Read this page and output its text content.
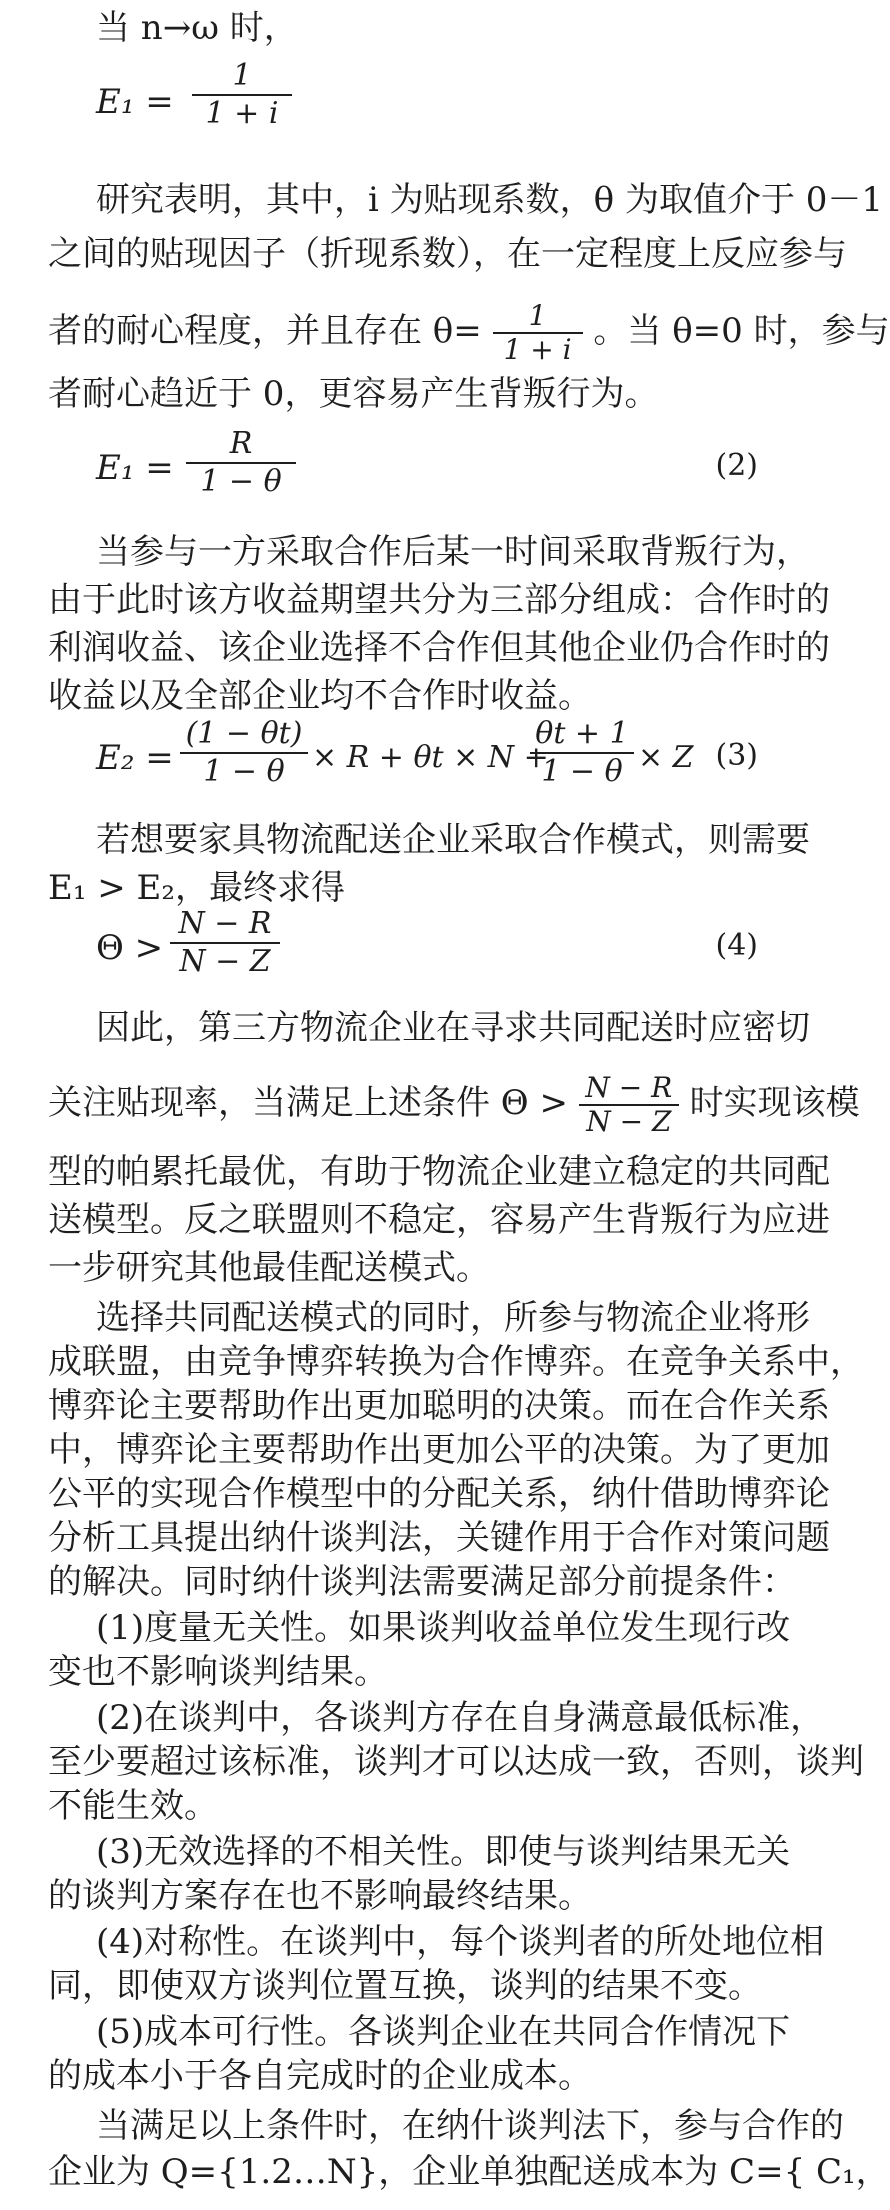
当 n→ω 时，
E₁ =
1
1 + i
研究表明，其中，i 为贴现系数，θ 为取值介于 0－1
之间的贴现因子（折现系数），在一定程度上反应参与
者的耐心程度，并且存在 $\theta= \frac{1}{1 + i}$ 。当 θ=0 时，参与
者耐心趋近于 0，更容易产生背叛行为。
E₁ =
R
1 − θ	(2)
当参与一方采取合作后某一时间采取背叛行为，
由于此时该方收益期望共分为三部分组成：合作时的
利润收益、该企业选择不合作但其他企业仍合作时的
收益以及全部企业均不合作时收益。
E₂ =
(1 − θt)
1 − θ × R + θt × N +
θt + 1
1 − θ × Z (3)
若想要家具物流配送企业采取合作模式，则需要
E₁ > E₂，最终求得
Θ >
N − R
N − Z	(4)
因此，第三方物流企业在寻求共同配送时应密切
关注贴现率，当满足上述条件 $\Theta > \frac{N - R}{N - Z}$ 时实现该模
型的帕累托最优，有助于物流企业建立稳定的共同配
送模型。反之联盟则不稳定，容易产生背叛行为应进
一步研究其他最佳配送模式。
选择共同配送模式的同时，所参与物流企业将形
成联盟，由竞争博弈转换为合作博弈。在竞争关系中，
博弈论主要帮助作出更加聪明的决策。而在合作关系
中，博弈论主要帮助作出更加公平的决策。为了更加
公平的实现合作模型中的分配关系，纳什借助博弈论
分析工具提出纳什谈判法，关键作用于合作对策问题
的解决。同时纳什谈判法需要满足部分前提条件：
(1)度量无关性。如果谈判收益单位发生现行改
变也不影响谈判结果。
(2)在谈判中，各谈判方存在自身满意最低标准，
至少要超过该标准，谈判才可以达成一致，否则，谈判
不能生效。
(3)无效选择的不相关性。即使与谈判结果无关
的谈判方案存在也不影响最终结果。
(4)对称性。在谈判中，每个谈判者的所处地位相
同，即使双方谈判位置互换，谈判的结果不变。
(5)成本可行性。各谈判企业在共同合作情况下
的成本小于各自完成时的企业成本。
当满足以上条件时，在纳什谈判法下，参与合作的
企业为 Q={1.2…N}，企业单独配送成本为 C={ C₁，
